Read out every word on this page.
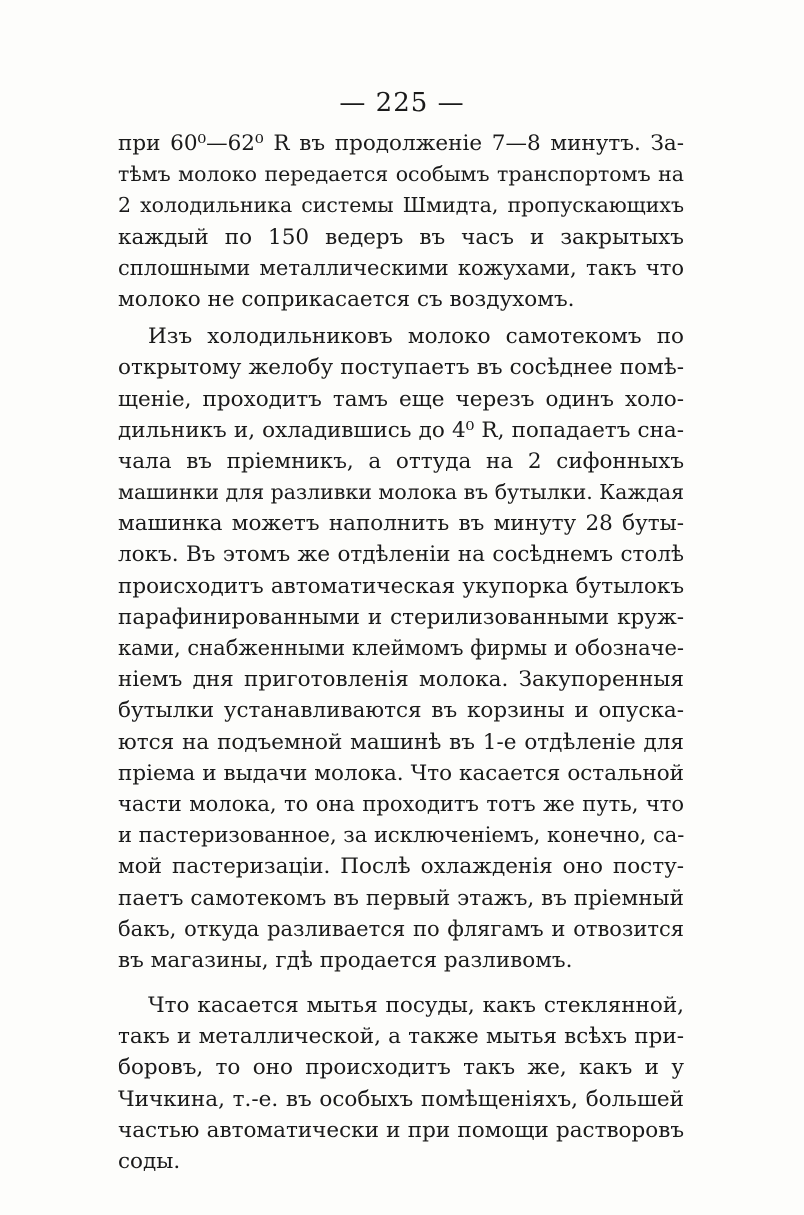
— 225 —
при 60⁰—62⁰ R въ продолженіе 7—8 минутъ. За-
тѣмъ молоко передается особымъ транспортомъ на
2 холодильника системы Шмидта, пропускающихъ
каждый по 150 ведеръ въ часъ и закрытыхъ
сплошными металлическими кожухами, такъ что
молоко не соприкасается съ воздухомъ.
Изъ холодильниковъ молоко самотекомъ по
открытому желобу поступаетъ въ сосѣднее помѣ-
щеніе, проходитъ тамъ еще черезъ одинъ холо-
дильникъ и, охладившись до 4⁰ R, попадаетъ сна-
чала въ пріемникъ, а оттуда на 2 сифонныхъ
машинки для разливки молока въ бутылки. Каждая
машинка можетъ наполнить въ минуту 28 буты-
локъ. Въ этомъ же отдѣленіи на сосѣднемъ столѣ
происходитъ автоматическая укупорка бутылокъ
парафинированными и стерилизованными круж-
ками, снабженными клеймомъ фирмы и обозначе-
ніемъ дня приготовленія молока. Закупоренныя
бутылки устанавливаются въ корзины и опуска-
ются на подъемной машинѣ въ 1-е отдѣленіе для
пріема и выдачи молока. Что касается остальной
части молока, то она проходитъ тотъ же путь, что
и пастеризованное, за исключеніемъ, конечно, са-
мой пастеризаціи. Послѣ охлажденія оно посту-
паетъ самотекомъ въ первый этажъ, въ пріемный
бакъ, откуда разливается по флягамъ и отвозится
въ магазины, гдѣ продается разливомъ.
Что касается мытья посуды, какъ стеклянной,
такъ и металлической, а также мытья всѣхъ при-
боровъ, то оно происходитъ такъ же, какъ и у
Чичкина, т.-е. въ особыхъ помѣщеніяхъ, большей
частью автоматически и при помощи растворовъ
соды.
